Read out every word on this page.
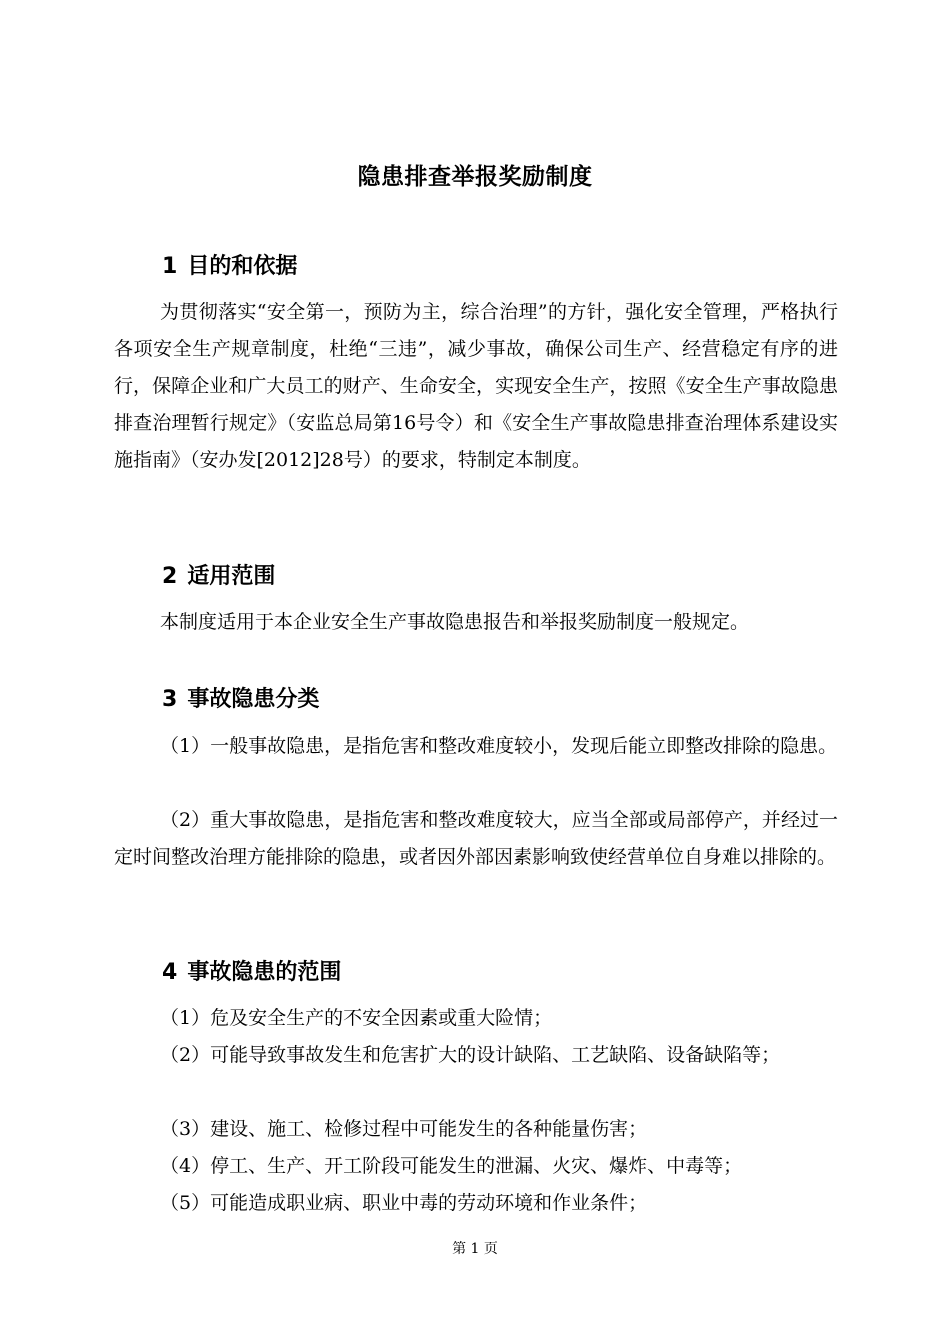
隐患排查举报奖励制度
1 目的和依据
为贯彻落实“安全第一，预防为主，综合治理”的方针，强化安全管理，严格执行各项安全生产规章制度，杜绝“三违”，减少事故，确保公司生产、经营稳定有序的进行，保障企业和广大员工的财产、生命安全，实现安全生产，按照《安全生产事故隐患排查治理暂行规定》（安监总局第16号令）和《安全生产事故隐患排查治理体系建设实施指南》（安办发[2012]28号）的要求，特制定本制度。
2 适用范围
本制度适用于本企业安全生产事故隐患报告和举报奖励制度一般规定。
3 事故隐患分类
（1）一般事故隐患，是指危害和整改难度较小，发现后能立即整改排除的隐患。
（2）重大事故隐患，是指危害和整改难度较大，应当全部或局部停产，并经过一定时间整改治理方能排除的隐患，或者因外部因素影响致使经营单位自身难以排除的。
4 事故隐患的范围
（1）危及安全生产的不安全因素或重大险情；
（2）可能导致事故发生和危害扩大的设计缺陷、工艺缺陷、设备缺陷等；
（3）建设、施工、检修过程中可能发生的各种能量伤害；
（4）停工、生产、开工阶段可能发生的泄漏、火灾、爆炸、中毒等；
（5）可能造成职业病、职业中毒的劳动环境和作业条件；
第 1 页
